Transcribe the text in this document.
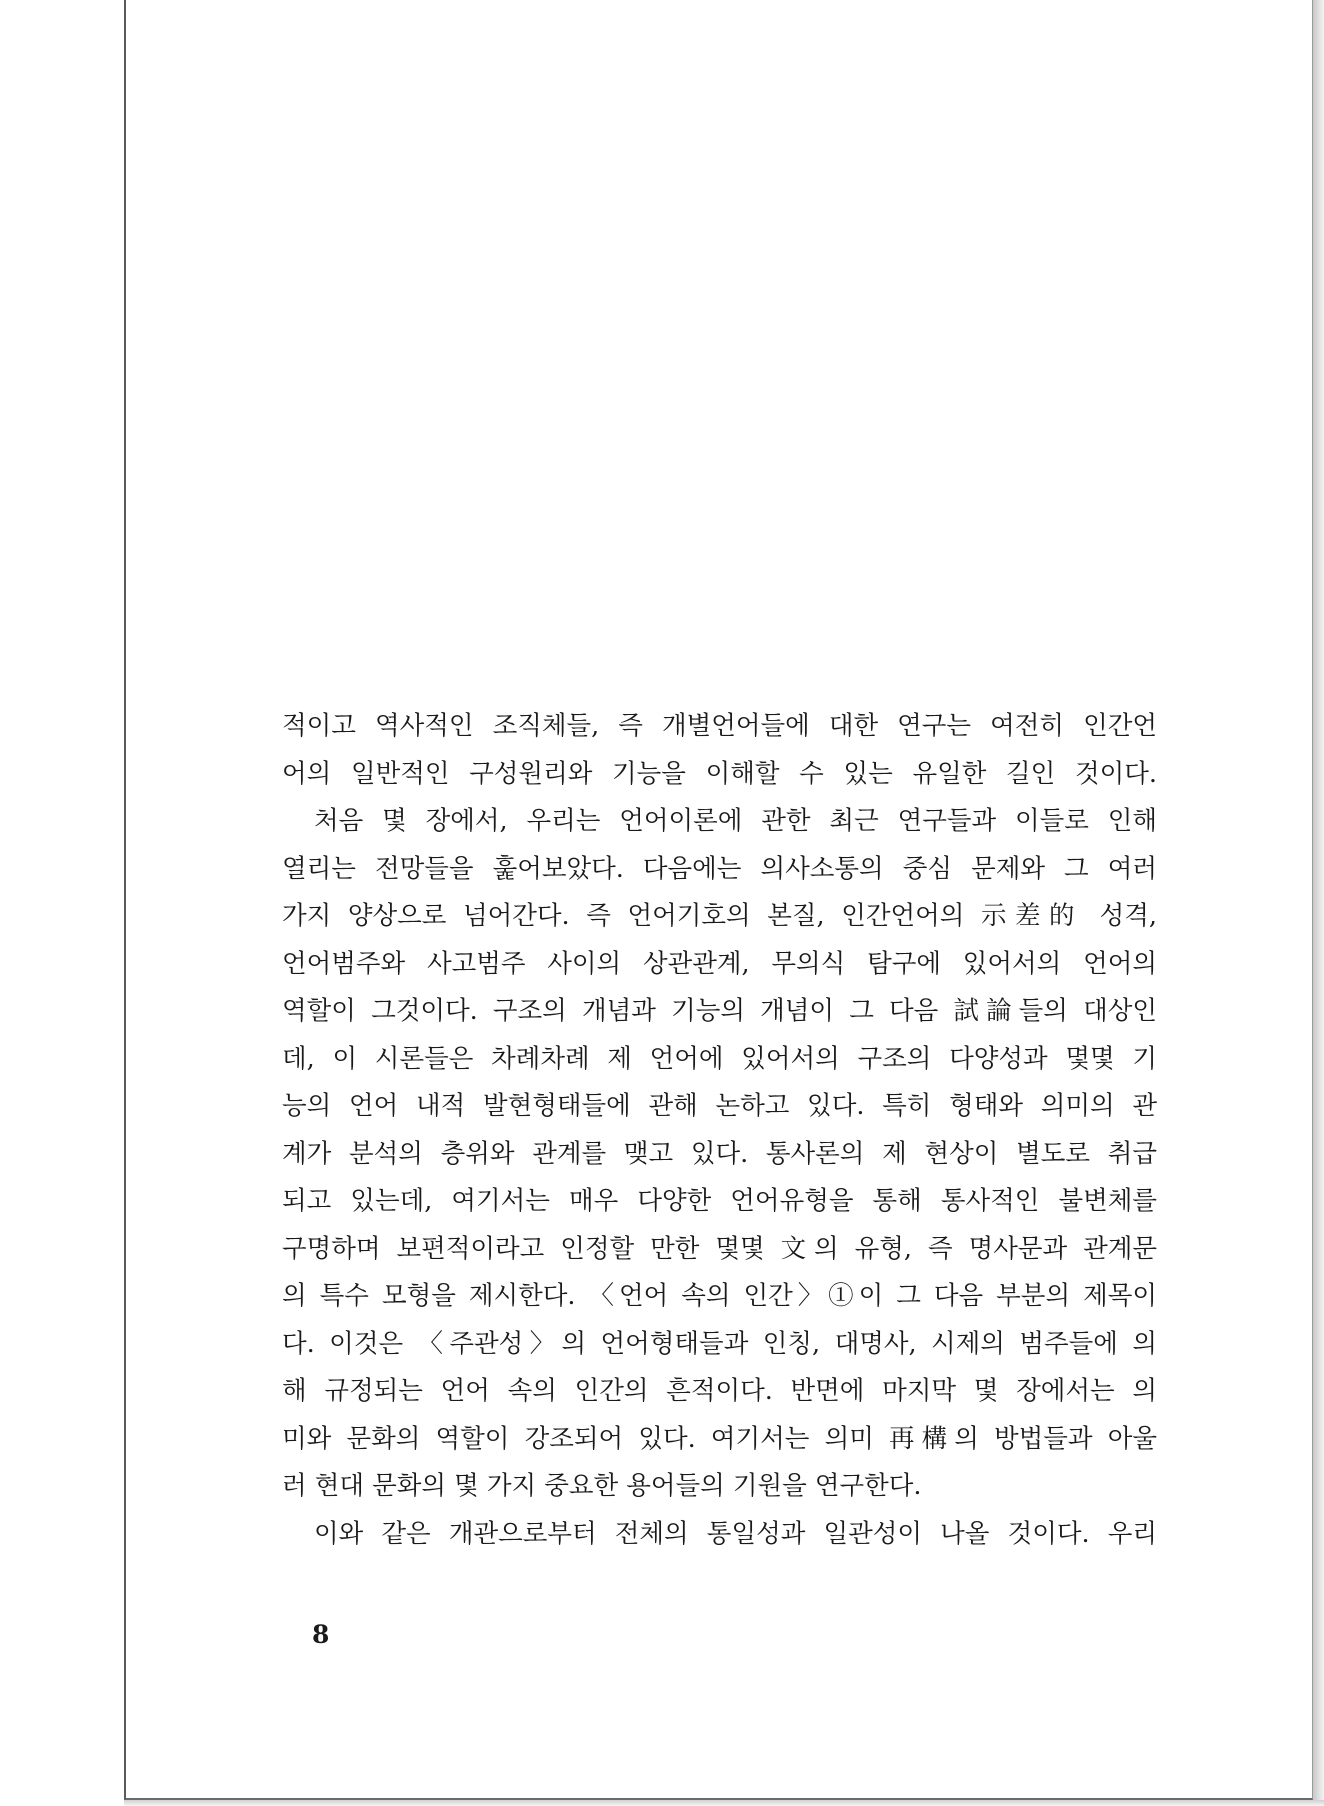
적이고 역사적인 조직체들, 즉 개별언어들에 대한 연구는 여전히 인간언
어의 일반적인 구성원리와 기능을 이해할 수 있는 유일한 길인 것이다.
처음 몇 장에서, 우리는 언어이론에 관한 최근 연구들과 이들로 인해
열리는 전망들을 훑어보았다. 다음에는 의사소통의 중심 문제와 그 여러
가지 양상으로 넘어간다. 즉 언어기호의 본질, 인간언어의 示差的 성격,
언어범주와 사고범주 사이의 상관관계, 무의식 탐구에 있어서의 언어의
역할이 그것이다. 구조의 개념과 기능의 개념이 그 다음 試論들의 대상인
데, 이 시론들은 차례차례 제 언어에 있어서의 구조의 다양성과 몇몇 기
능의 언어 내적 발현형태들에 관해 논하고 있다. 특히 형태와 의미의 관
계가 분석의 층위와 관계를 맺고 있다. 통사론의 제 현상이 별도로 취급
되고 있는데, 여기서는 매우 다양한 언어유형을 통해 통사적인 불변체를
구명하며 보편적이라고 인정할 만한 몇몇 文의 유형, 즉 명사문과 관계문
의 특수 모형을 제시한다. 〈언어 속의 인간〉①이 그 다음 부분의 제목이
다. 이것은 〈주관성〉의 언어형태들과 인칭, 대명사, 시제의 범주들에 의
해 규정되는 언어 속의 인간의 흔적이다. 반면에 마지막 몇 장에서는 의
미와 문화의 역할이 강조되어 있다. 여기서는 의미 再構의 방법들과 아울
러 현대 문화의 몇 가지 중요한 용어들의 기원을 연구한다.
이와 같은 개관으로부터 전체의 통일성과 일관성이 나올 것이다. 우리
8
